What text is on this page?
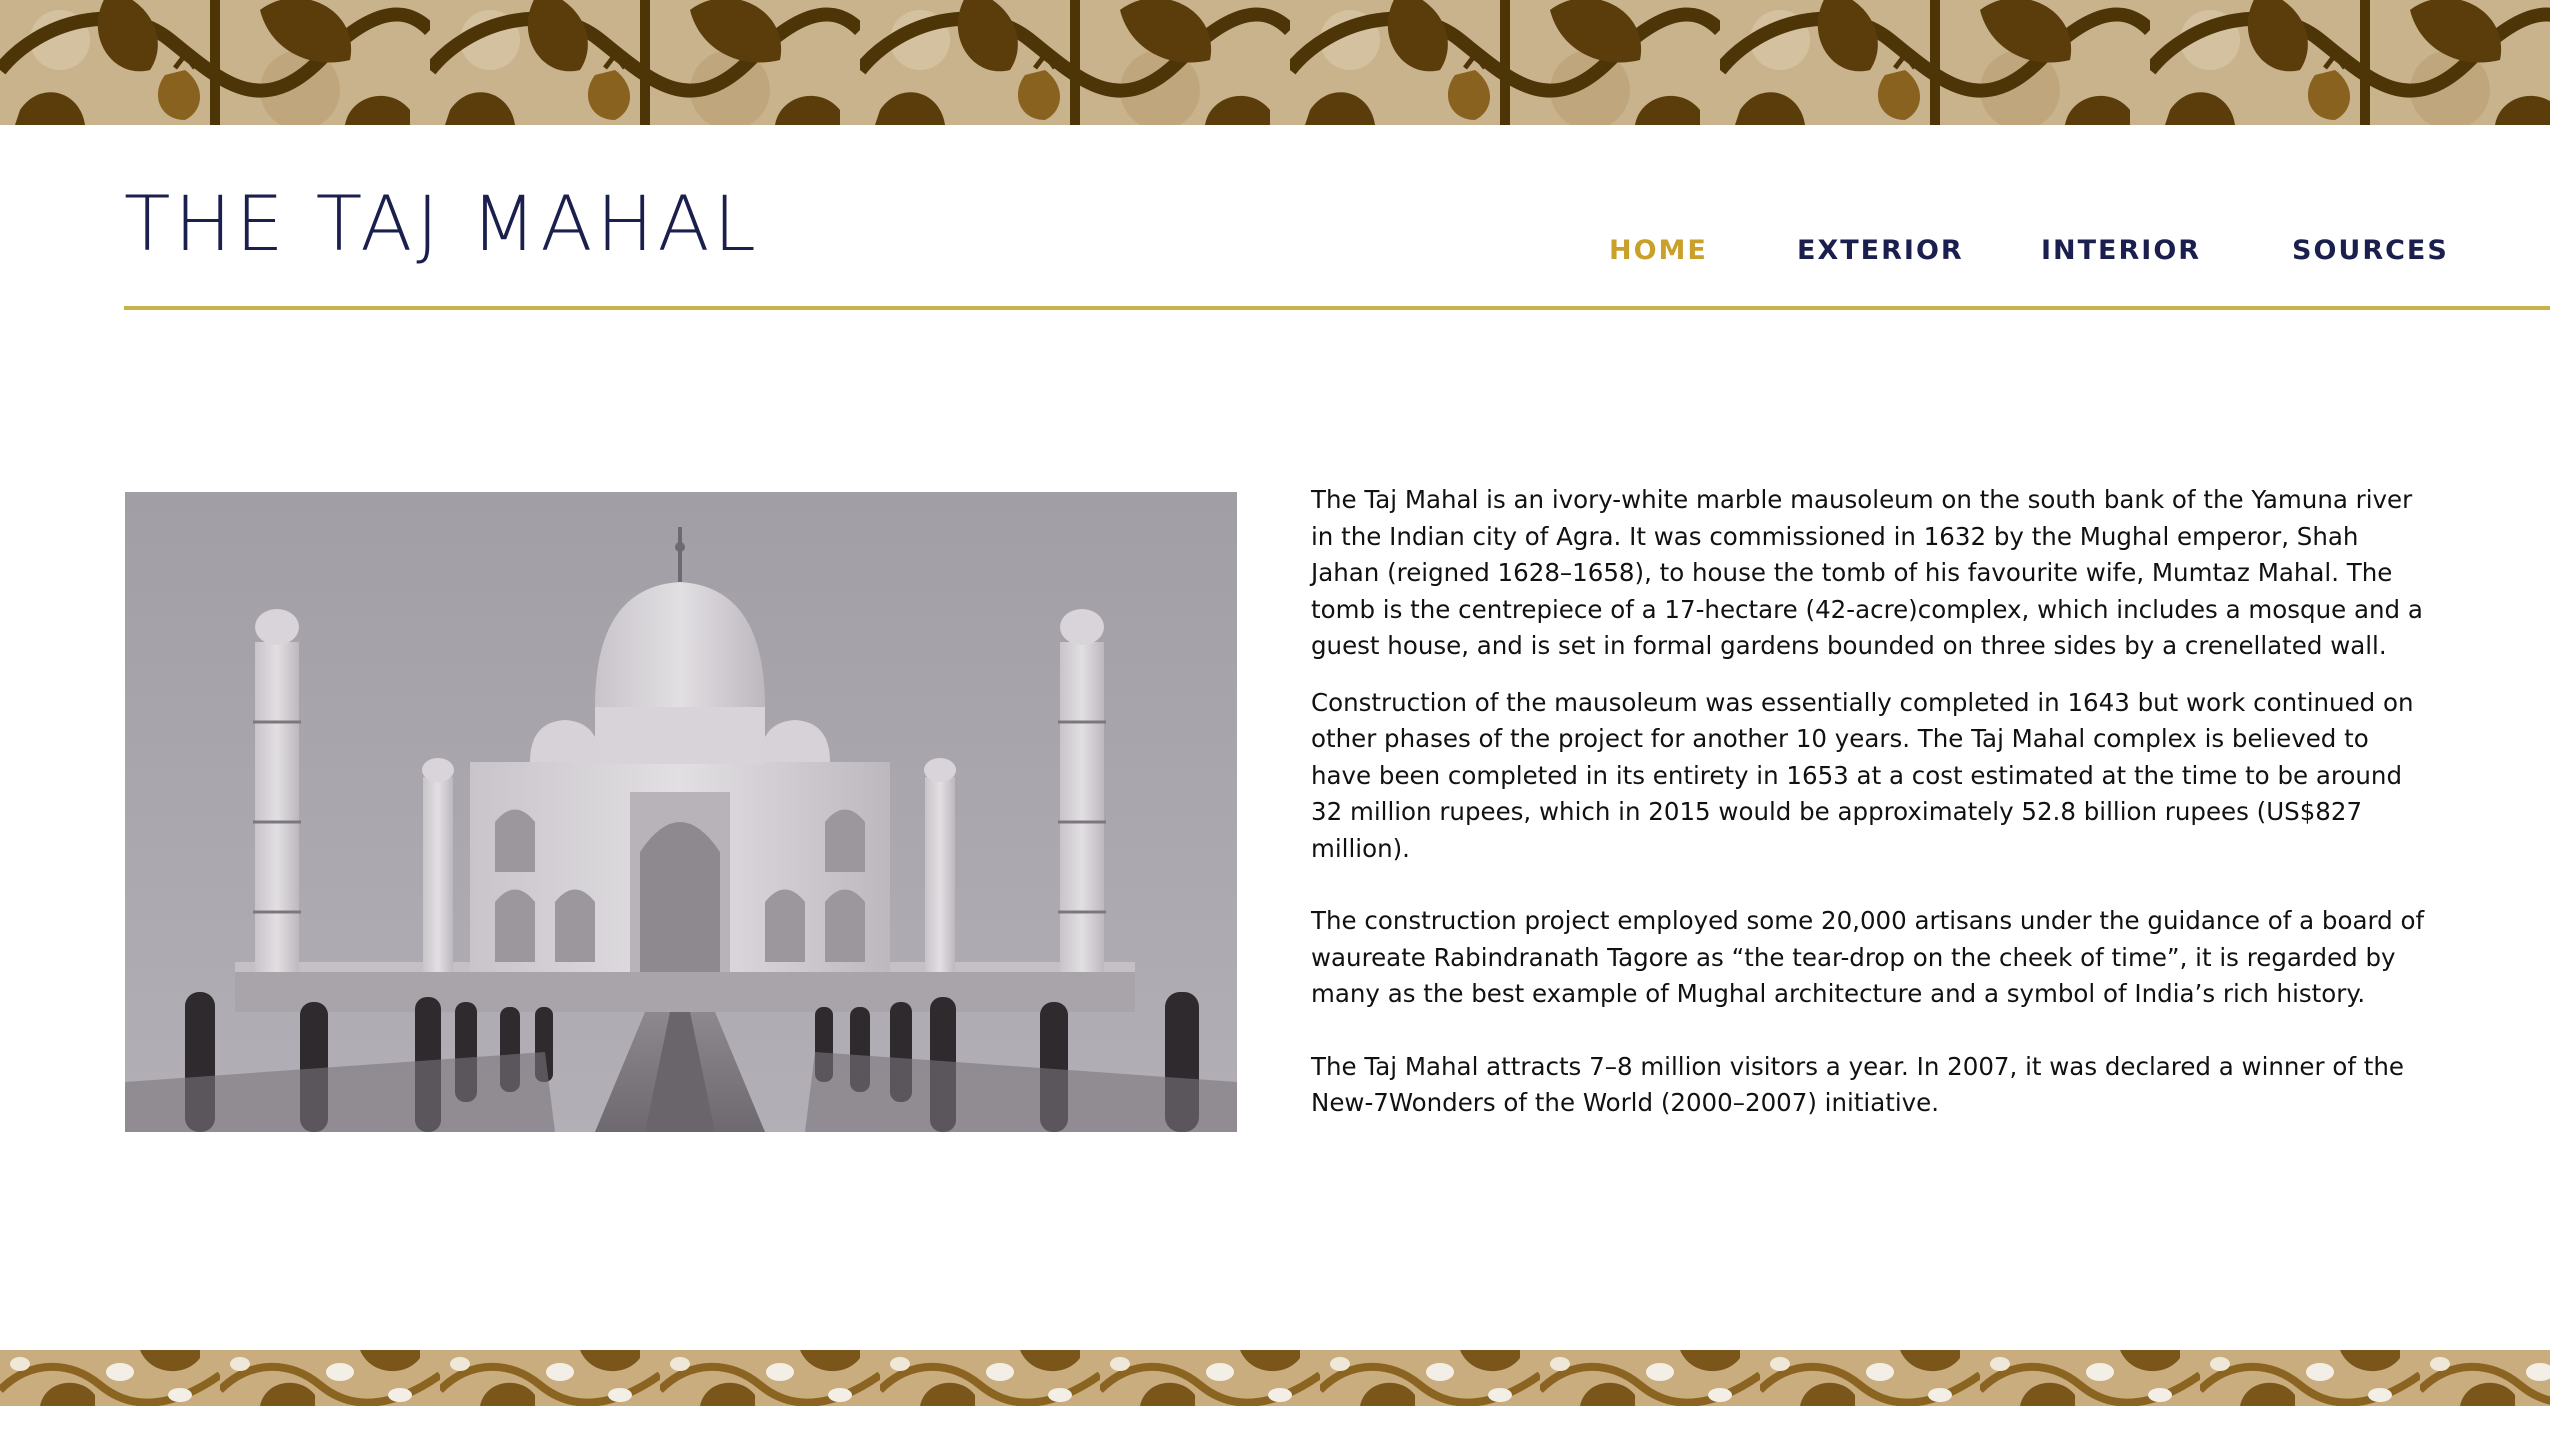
THE TAJ MAHAL	HOME	EXTERIOR	INTERIOR	SOURCES

The Taj Mahal is an ivory-white marble mausoleum on the south bank of the Yamuna river in the Indian city of Agra. It was commissioned in 1632 by the Mughal emperor, Shah Jahan (reigned 1628–1658), to house the tomb of his favourite wife, Mumtaz Mahal. The tomb is the centrepiece of a 17-hectare (42-acre)complex, which includes a mosque and a guest house, and is set in formal gardens bounded on three sides by a crenellated wall.

Construction of the mausoleum was essentially completed in 1643 but work continued on other phases of the project for another 10 years. The Taj Mahal complex is believed to have been completed in its entirety in 1653 at a cost estimated at the time to be around 32 million rupees, which in 2015 would be approximately 52.8 billion rupees (US$827 million).

The construction project employed some 20,000 artisans under the guidance of a board of waureate Rabindranath Tagore as “the tear-drop on the cheek of time”, it is regarded by many as the best example of Mughal architecture and a symbol of India’s rich history.

The Taj Mahal attracts 7–8 million visitors a year. In 2007, it was declared a winner of the New-7Wonders of the World (2000–2007) initiative.
